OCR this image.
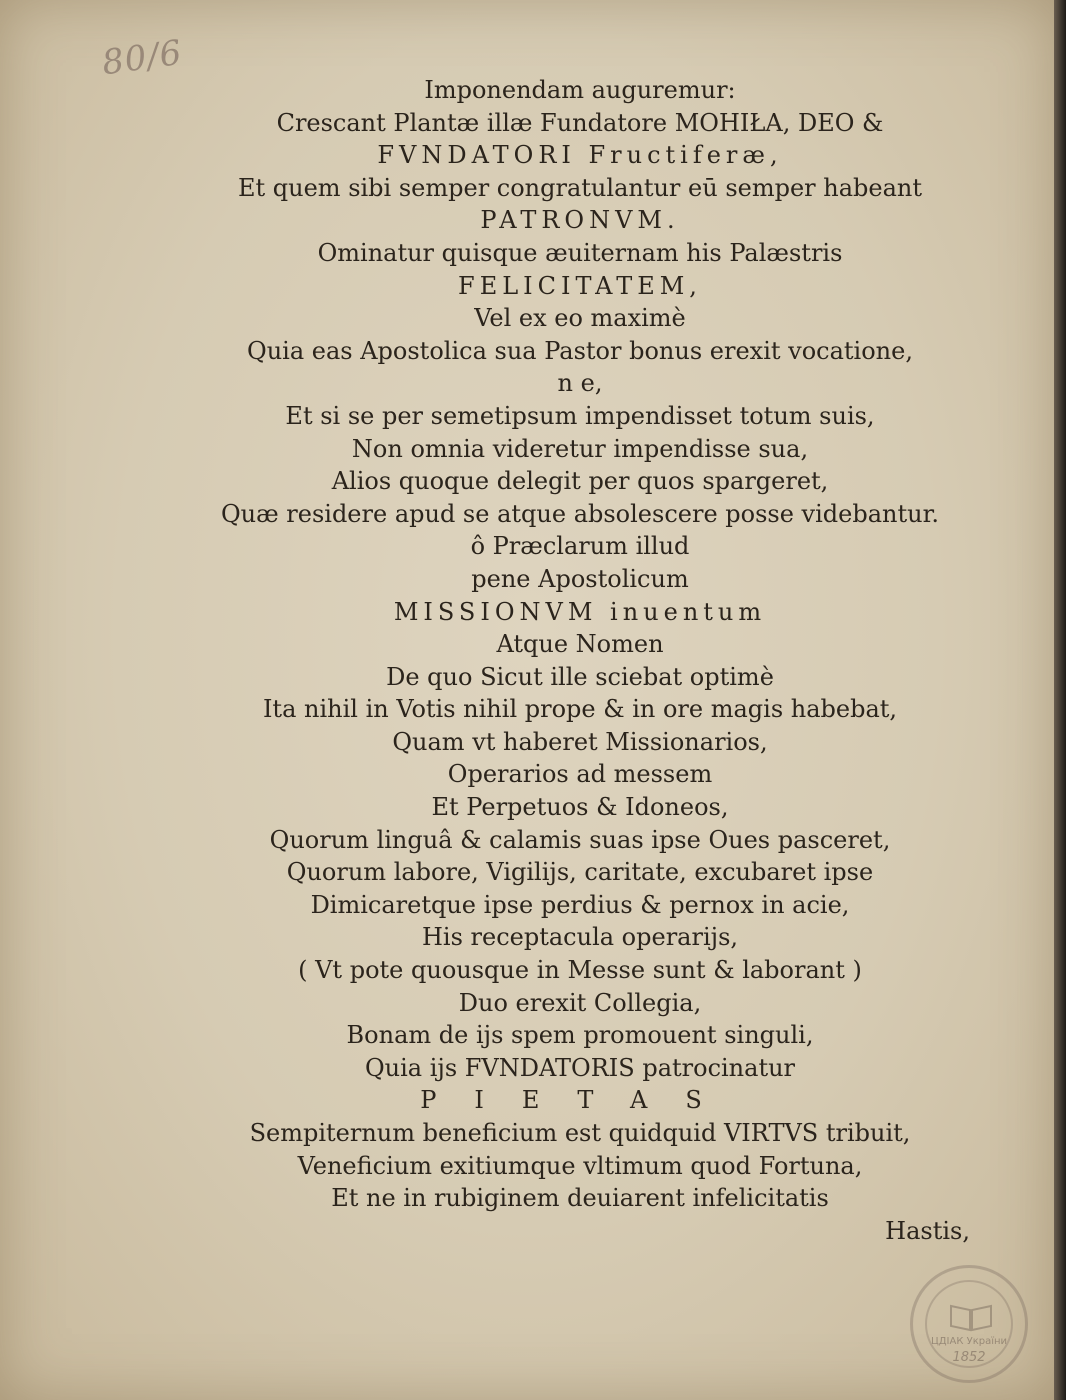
80/6
Imponendam auguremur:
Crescant Plantæ illæ Fundatore MOHIŁA, DEO &
FVNDATORI Fructiferæ,
Et quem sibi semper congratulantur eū semper habeant
PATRONVM.
Ominatur quisque æuiternam his Palæstris
FELICITATEM,
Vel ex eo maximè
Quia eas Apostolica sua Pastor bonus erexit vocatione,
n e,
Et si se per semetipsum impendisset totum suis,
Non omnia videretur impendisse sua,
Alios quoque delegit per quos spargeret,
Quæ residere apud se atque absolescere posse videbantur.
ô Præclarum illud
pene Apostolicum
MISSIONVM inuentum
Atque Nomen
De quo Sicut ille sciebat optimè
Ita nihil in Votis nihil prope & in ore magis habebat,
Quam vt haberet Missionarios,
Operarios ad messem
Et Perpetuos & Idoneos,
Quorum linguâ & calamis suas ipse Oues pasceret,
Quorum labore, Vigilijs, caritate, excubaret ipse
Dimicaretque ipse perdius & pernox in acie,
His receptacula operarijs,
( Vt pote quousque in Messe sunt & laborant )
Duo erexit Collegia,
Bonam de ijs spem promouent singuli,
Quia ijs FVNDATORIS patrocinatur
PIETAS
Sempiternum beneficium est quidquid VIRTVS tribuit,
Veneficium exitiumque vltimum quod Fortuna,
Et ne in rubiginem deuiarent infelicitatis
Hastis,
ЦДІАК України
1852
